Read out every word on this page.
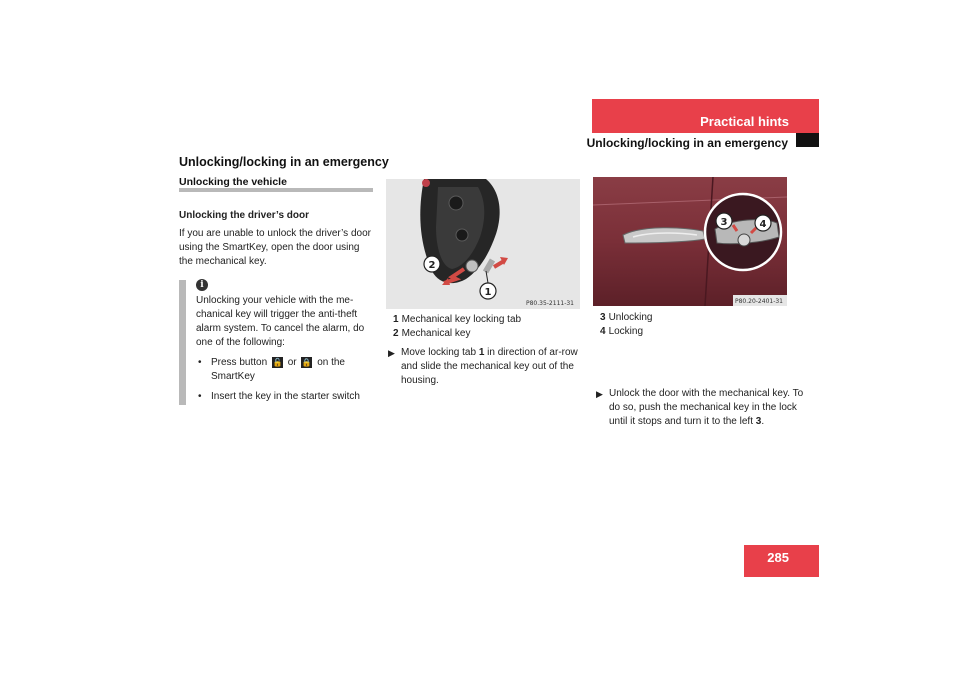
Practical hints
Unlocking/locking in an emergency
Unlocking/locking in an emergency
Unlocking the vehicle
Unlocking the driver’s door
If you are unable to unlock the driver’s door using the SmartKey, open the door using the mechanical key.
i
Unlocking your vehicle with the me-chanical key will trigger the anti-theft alarm system. To cancel the alarm, do one of the following:
• Press button 🔓 or 🔒 on the SmartKey
• Insert the key in the starter switch
2
1
P80.35-2111-31
1 Mechanical key locking tab
2 Mechanical key
▶ Move locking tab 1 in direction of ar-row and slide the mechanical key out of the housing.
3	4
P80.20-2401-31
3 Unlocking
4 Locking
▶ Unlock the door with the mechanical key. To do so, push the mechanical key in the lock until it stops and turn it to the left 3.
285
